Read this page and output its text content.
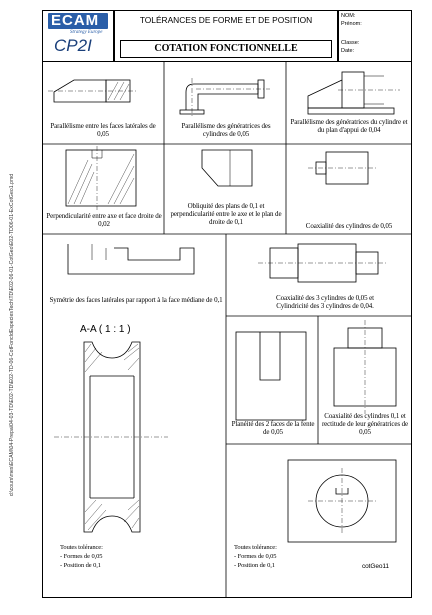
d:\cours\mes\ECAM\04-Prepa\04-03-TD\E02-TD\E02-TD-06-CotFoncIdEspeciesTech\TD\E02-06-01-CotGeo\E02-TD06-01-ExCotGeo1.pmd
ECAM
Strategy Europe
CP2I
TOLÉRANCES DE FORME ET DE POSITION
COTATION FONCTIONNELLE
NOM:
Prénom:
Classe:
Date:
Parallélisme entre les faces latérales de 0,05
Parallélisme des génératrices des cylindres de 0,05
Parallélisme des génératrices du cylindre et du plan d'appui de 0,04
Perpendicularité entre axe et face droite de 0,02
Obliquité des plans de 0,1 et perpendicularité entre le axe et le plan de droite de 0,1	Coaxialité des cylindres de 0,05
Symétrie des faces latérales par rapport à la face médiane de 0,1	Coaxialité des 3 cylindres de 0,05 et Cylindricité des 3 cylindres de 0,04.
A-A ( 1 : 1 )
Toutes tolérance:
- Formes de 0,05
- Position de 0,1
Planéité des 2 faces de la fente de 0,05
Coaxialité des cylindres 0,1 et rectitude de leur génératrices de 0,05
Toutes tolérance:
- Formes de 0,05
- Position de 0,1	cotGeo11
